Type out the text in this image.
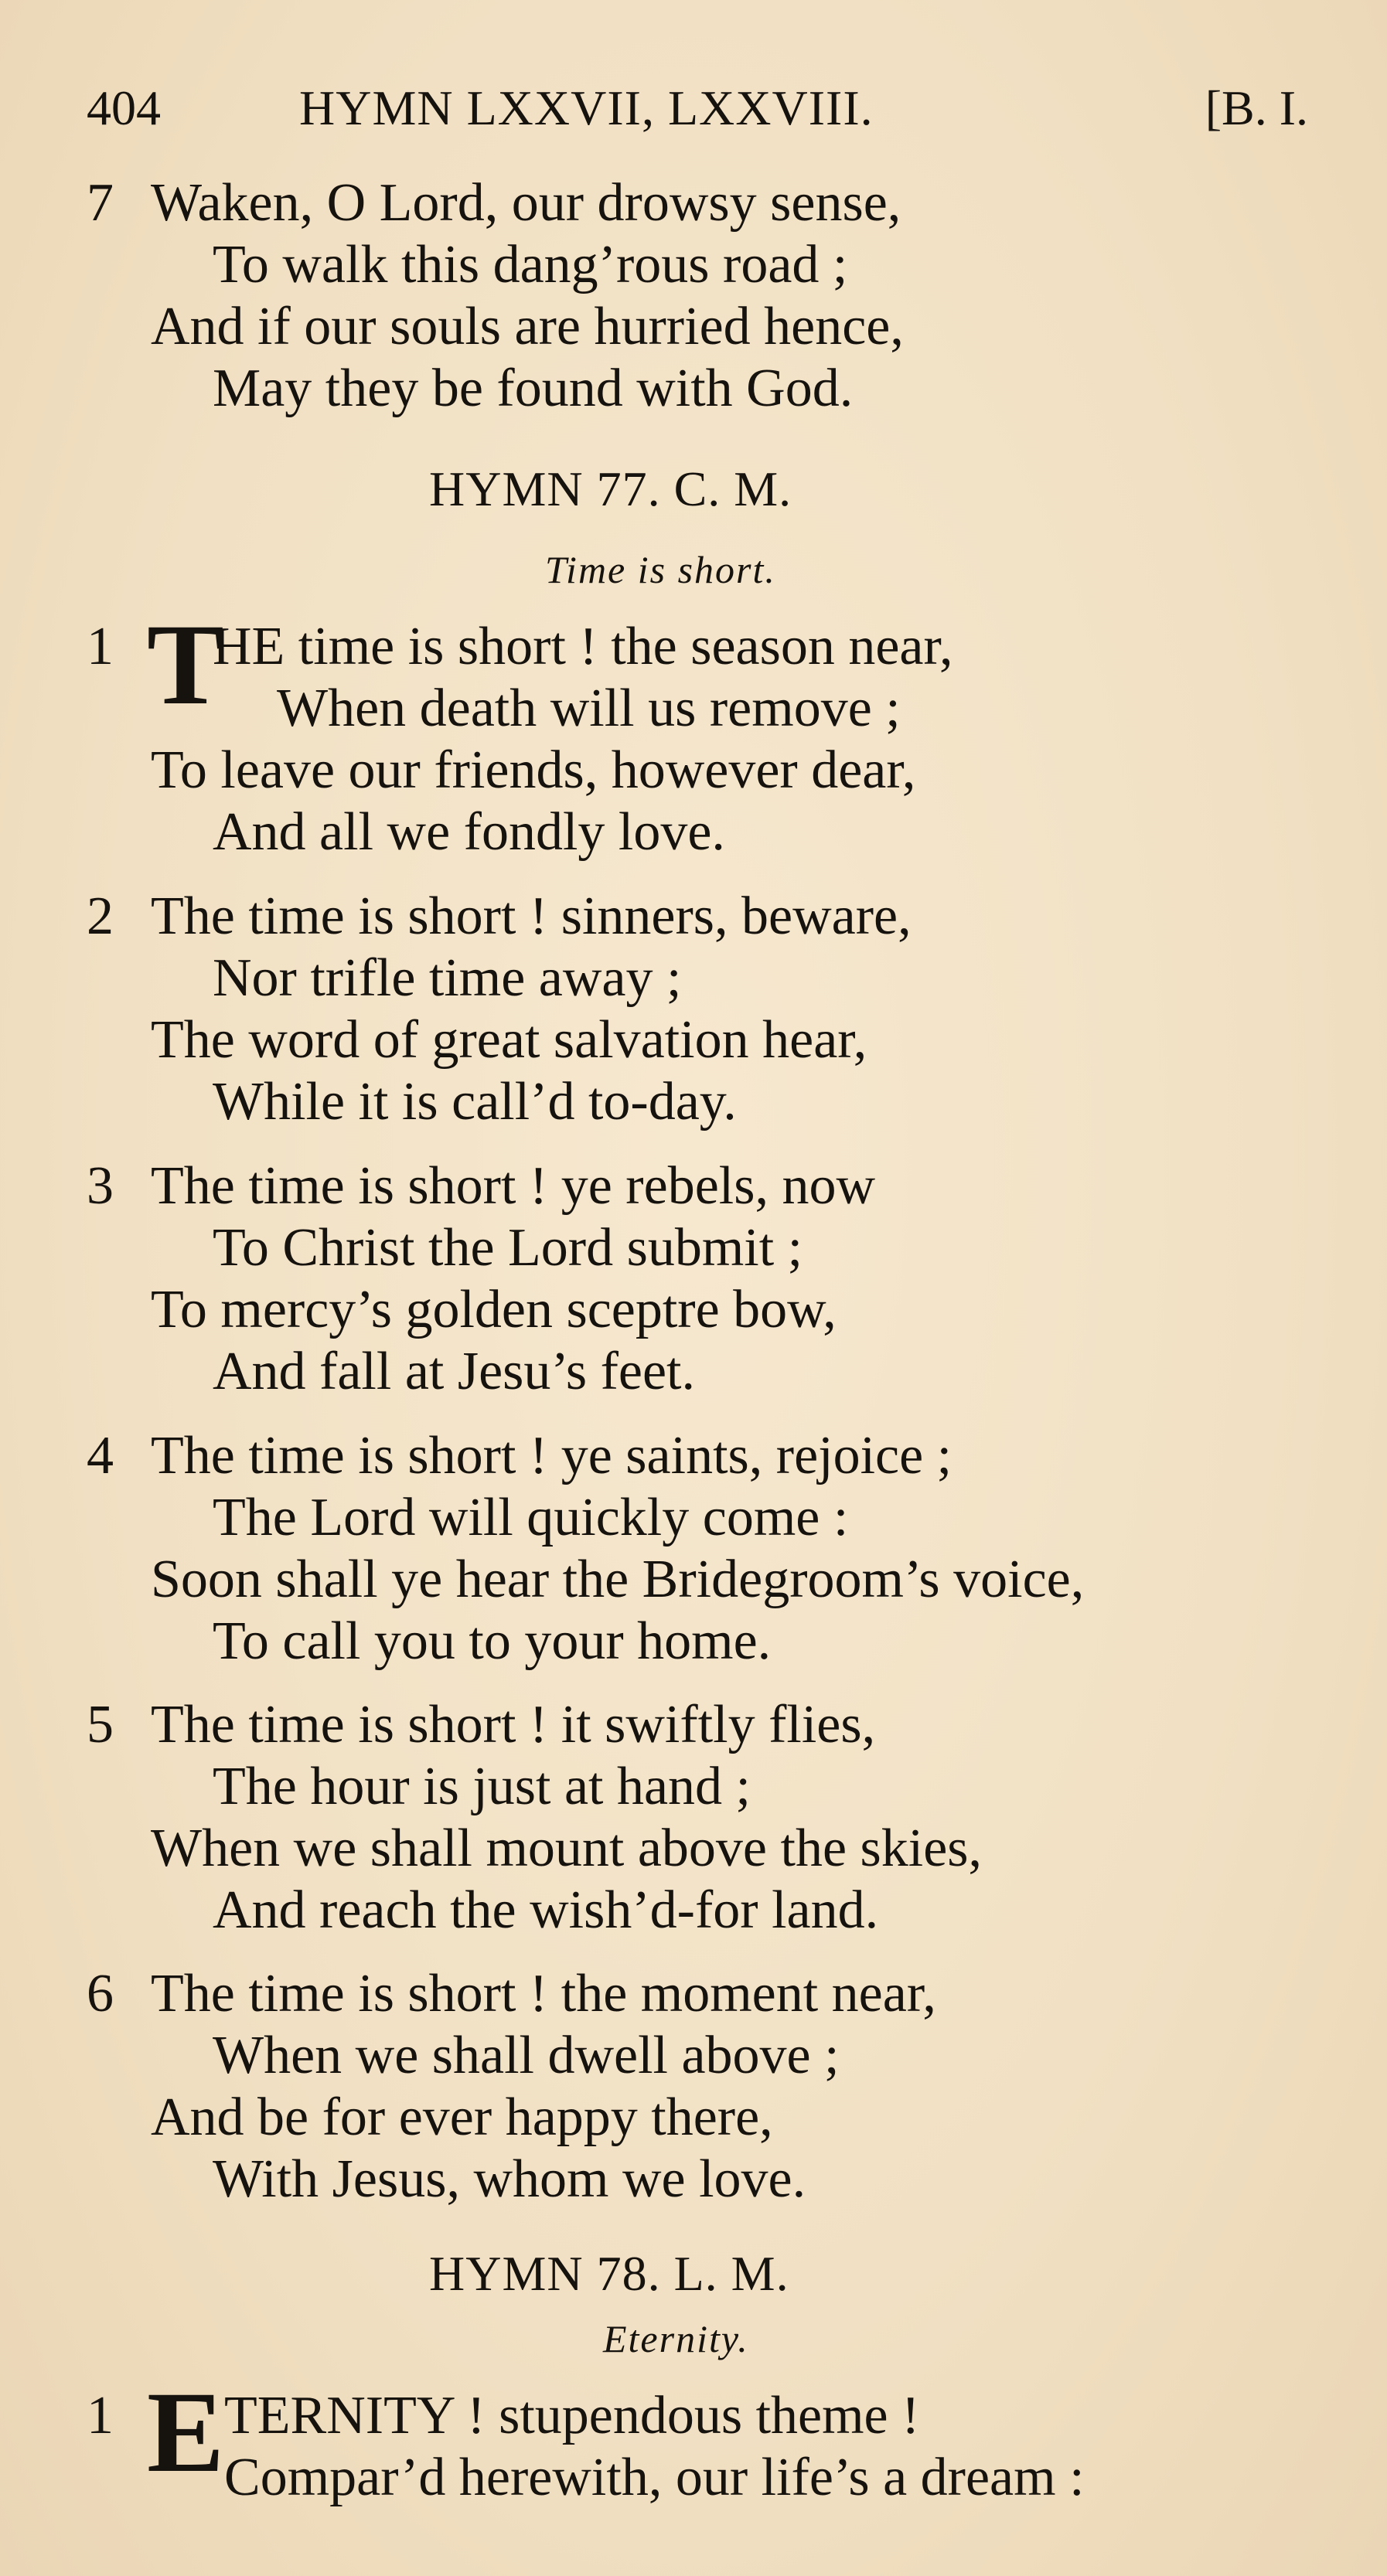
404	HYMN LXXVII, LXXVIII.	[B. I.
7 Waken, O Lord, our drowsy sense,
To walk this dang’rous road ;
And if our souls are hurried hence,
May they be found with God.
HYMN 77. C. M.
Time is short.
1 T
HE time is short ! the season near,
When death will us remove ;
To leave our friends, however dear,
And all we fondly love.
2 The time is short ! sinners, beware,
Nor trifle time away ;
The word of great salvation hear,
While it is call’d to-day.
3 The time is short ! ye rebels, now
To Christ the Lord submit ;
To mercy’s golden sceptre bow,
And fall at Jesu’s feet.
4 The time is short ! ye saints, rejoice ;
The Lord will quickly come :
Soon shall ye hear the Bridegroom’s voice,
To call you to your home.
5 The time is short ! it swiftly flies,
The hour is just at hand ;
When we shall mount above the skies,
And reach the wish’d-for land.
6 The time is short ! the moment near,
When we shall dwell above ;
And be for ever happy there,
With Jesus, whom we love.
HYMN 78. L. M.
Eternity.
1 E TERNITY ! stupendous theme !
Compar’d herewith, our life’s a dream :
